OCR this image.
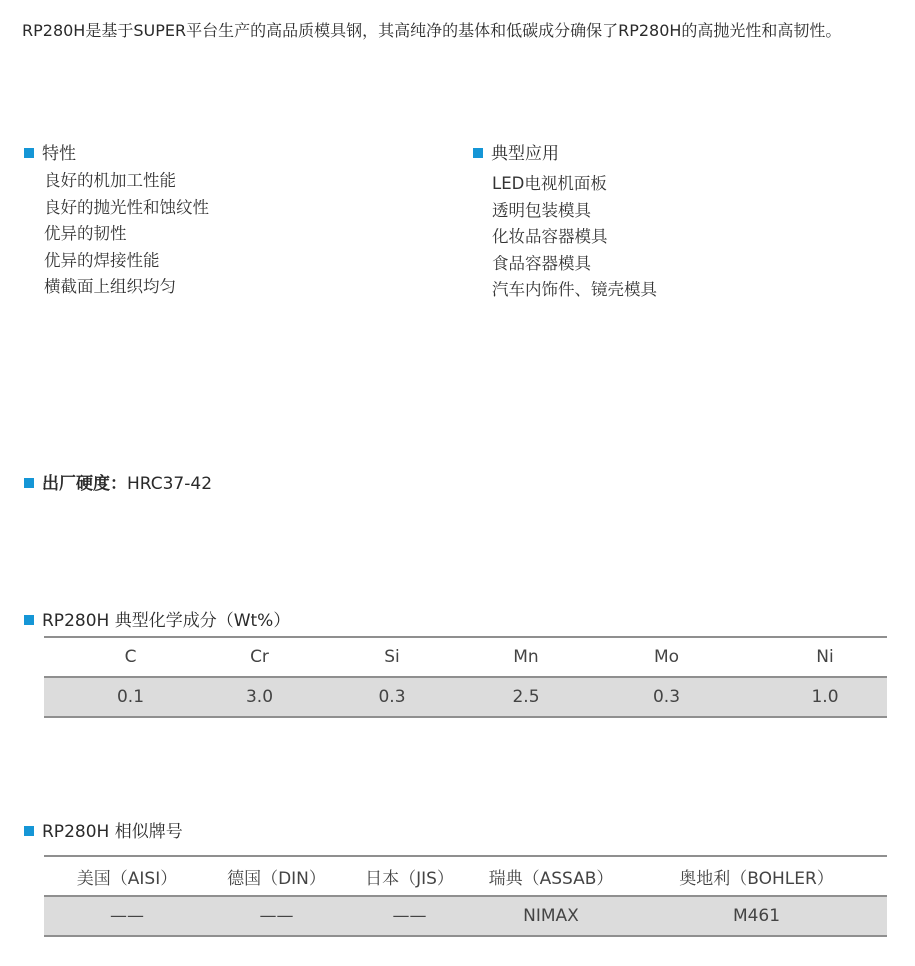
RP280H是基于SUPER平台生产的高品质模具钢，其高纯净的基体和低碳成分确保了RP280H的高抛光性和高韧性。

特性
良好的机加工性能
良好的抛光性和蚀纹性
优异的韧性
优异的焊接性能
横截面上组织均匀
典型应用
LED电视机面板
透明包装模具
化妆品容器模具
食品容器模具
汽车内饰件、镜壳模具
出厂硬度：HRC37-42
RP280H 典型化学成分（Wt%）
C	Cr	Si	Mn	Mo	Ni
0.1	3.0	0.3	2.5	0.3	1.0
RP280H 相似牌号
美国（AISI）	德国（DIN）	日本（JIS）	瑞典（ASSAB）	奥地利（BOHLER）
——	——	——	NIMAX	M461
